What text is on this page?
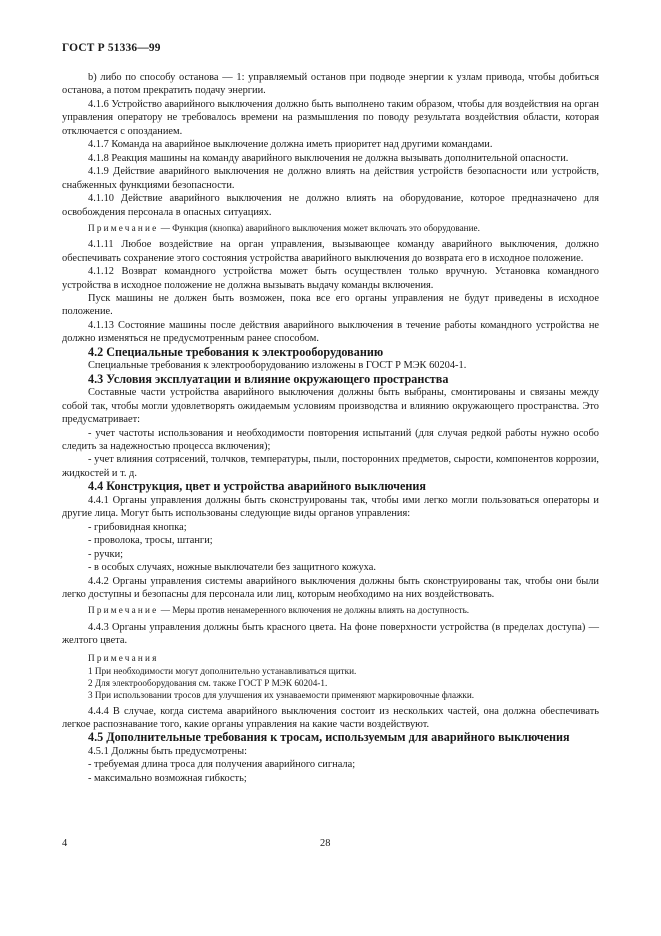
ГОСТ Р 51336—99

b) либо по способу останова — 1: управляемый останов при подводе энергии к узлам привода, чтобы добиться останова, а потом прекратить подачу энергии.

4.1.6 Устройство аварийного выключения должно быть выполнено таким образом, чтобы для воздействия на орган управления оператору не требовалось времени на размышления по поводу результата воздействия области, которая отключается с опозданием.

4.1.7 Команда на аварийное выключение должна иметь приоритет над другими командами.

4.1.8 Реакция машины на команду аварийного выключения не должна вызывать дополнительной опасности.

4.1.9 Действие аварийного выключения не должно влиять на действия устройств безопасности или устройств, снабженных функциями безопасности.

4.1.10 Действие аварийного выключения не должно влиять на оборудование, которое предназначено для освобождения персонала в опасных ситуациях.

Примечание — Функция (кнопка) аварийного выключения может включать это оборудование.

4.1.11 Любое воздействие на орган управления, вызывающее команду аварийного выключения, должно обеспечивать сохранение этого состояния устройства аварийного выключения до возврата его в исходное положение.

4.1.12 Возврат командного устройства может быть осуществлен только вручную. Установка командного устройства в исходное положение не должна вызывать выдачу команды включения.

Пуск машины не должен быть возможен, пока все его органы управления не будут приведены в исходное положение.

4.1.13 Состояние машины после действия аварийного выключения в течение работы командного устройства не должно изменяться не предусмотренным ранее способом.

4.2 Специальные требования к электрооборудованию

Специальные требования к электрооборудованию изложены в ГОСТ Р МЭК 60204-1.

4.3 Условия эксплуатации и влияние окружающего пространства

Составные части устройства аварийного выключения должны быть выбраны, смонтированы и связаны между собой так, чтобы могли удовлетворять ожидаемым условиям производства и влиянию окружающего пространства. Это предусматривает:

- учет частоты использования и необходимости повторения испытаний (для случая редкой работы нужно особо следить за надежностью процесса включения);

- учет влияния сотрясений, толчков, температуры, пыли, посторонних предметов, сырости, компонентов коррозии, жидкостей и т. д.

4.4 Конструкция, цвет и устройства аварийного выключения

4.4.1 Органы управления должны быть сконструированы так, чтобы ими легко могли пользоваться операторы и другие лица. Могут быть использованы следующие виды органов управления:

- грибовидная кнопка;

- проволока, тросы, штанги;

- ручки;

- в особых случаях, ножные выключатели без защитного кожуха.

4.4.2 Органы управления системы аварийного выключения должны быть сконструированы так, чтобы они были легко доступны и безопасны для персонала или лиц, которым необходимо на них воздействовать.

Примечание — Меры против ненамеренного включения не должны влиять на доступность.

4.4.3 Органы управления должны быть красного цвета. На фоне поверхности устройства (в пределах доступа) — желтого цвета.

Примечания

1 При необходимости могут дополнительно устанавливаться щитки.

2 Для электрооборудования см. также ГОСТ Р МЭК 60204-1.

3 При использовании тросов для улучшения их узнаваемости применяют маркировочные флажки.

4.4.4 В случае, когда система аварийного выключения состоит из нескольких частей, она должна обеспечивать легкое распознавание того, какие органы управления на какие части воздействуют.

4.5 Дополнительные требования к тросам, используемым для аварийного выключения

4.5.1 Должны быть предусмотрены:

- требуемая длина троса для получения аварийного сигнала;

- максимально возможная гибкость;

4	28
